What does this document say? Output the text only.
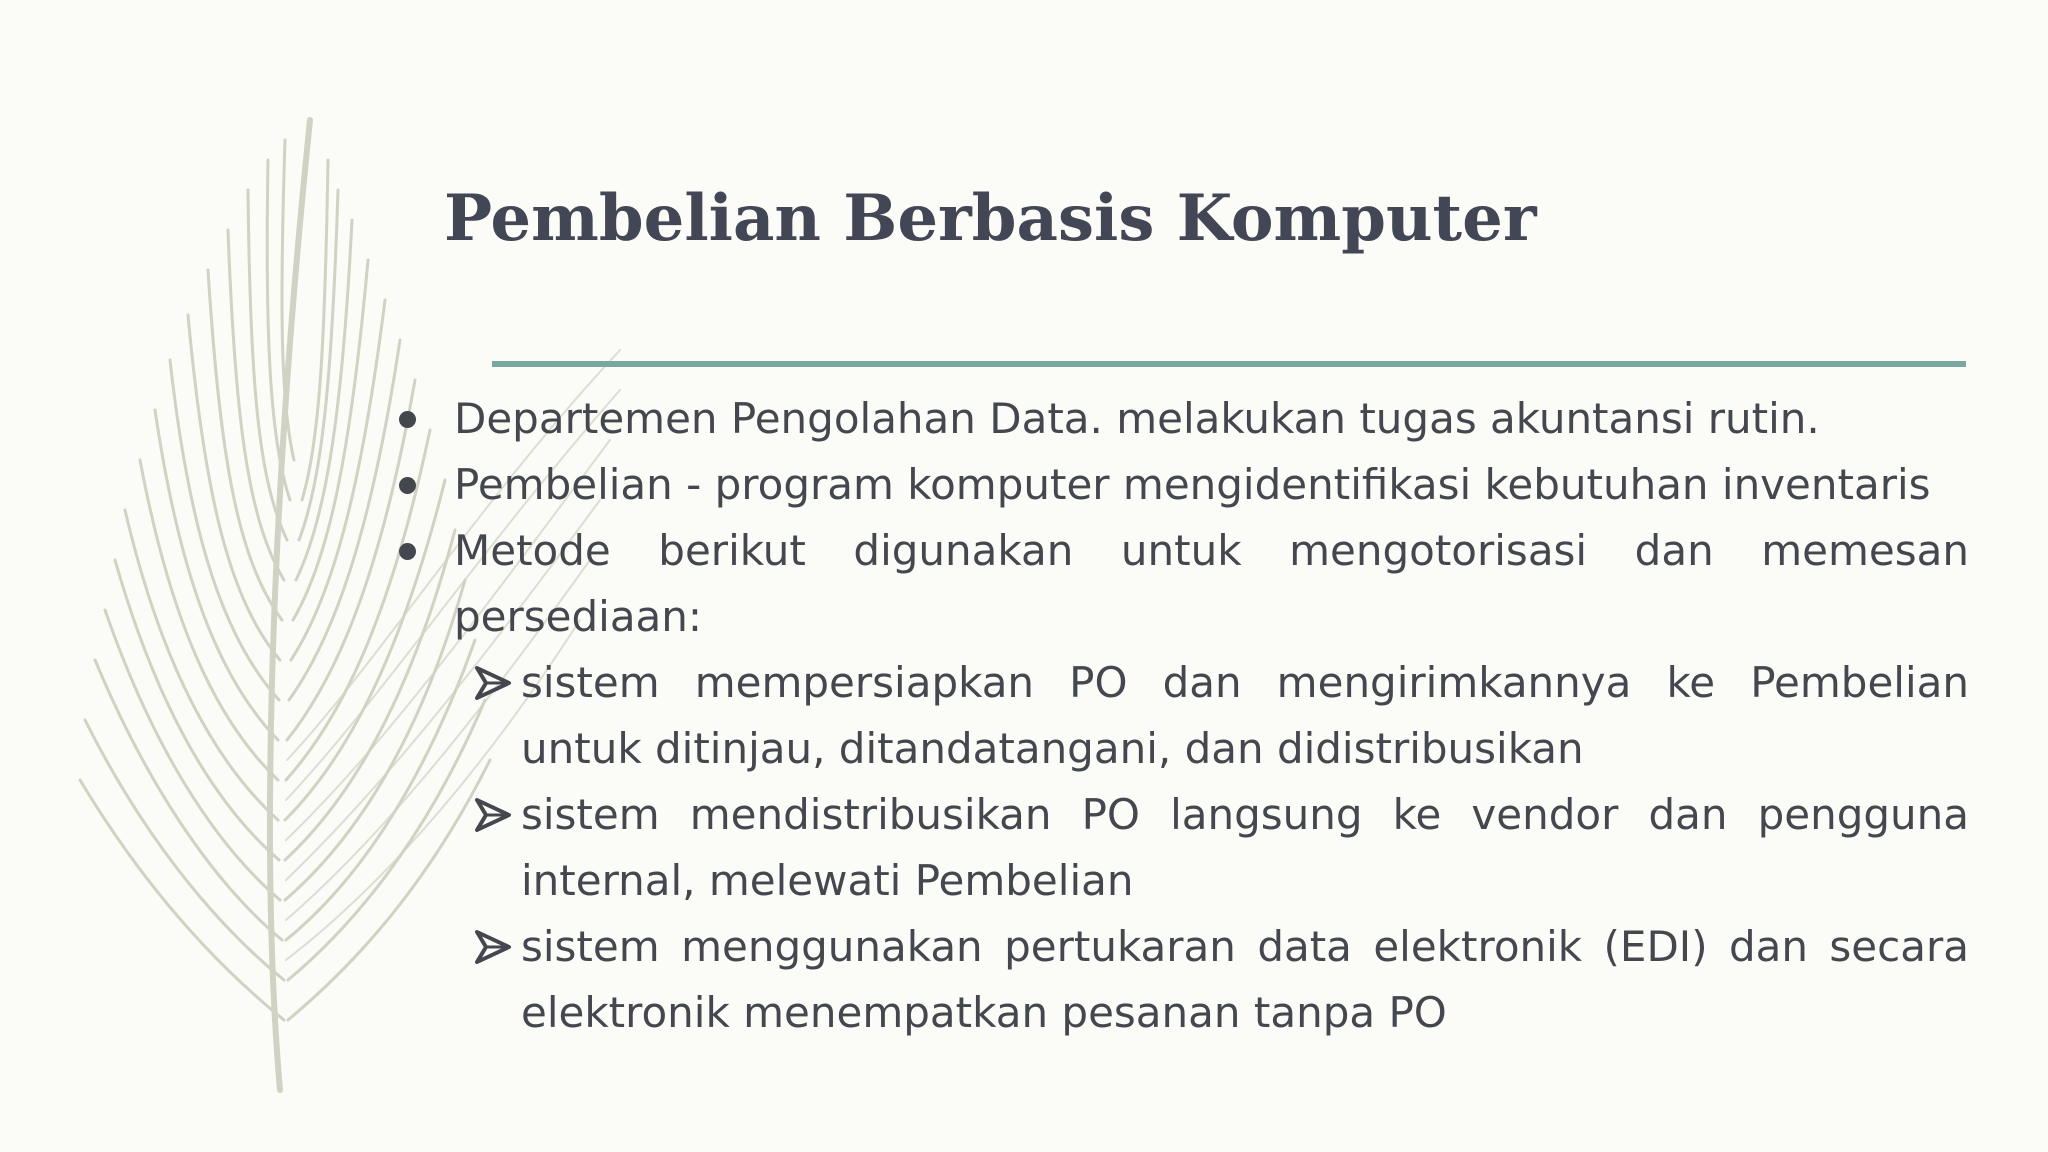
Pembelian Berbasis Komputer
Departemen Pengolahan Data. melakukan tugas akuntansi rutin.
Pembelian - program komputer mengidentifikasi kebutuhan inventaris
Metode berikut digunakan untuk mengotorisasi dan memesan persediaan:
sistem mempersiapkan PO dan mengirimkannya ke Pembelian untuk ditinjau, ditandatangani, dan didistribusikan
sistem mendistribusikan PO langsung ke vendor dan pengguna internal, melewati Pembelian
sistem menggunakan pertukaran data elektronik (EDI) dan secara elektronik menempatkan pesanan tanpa PO
